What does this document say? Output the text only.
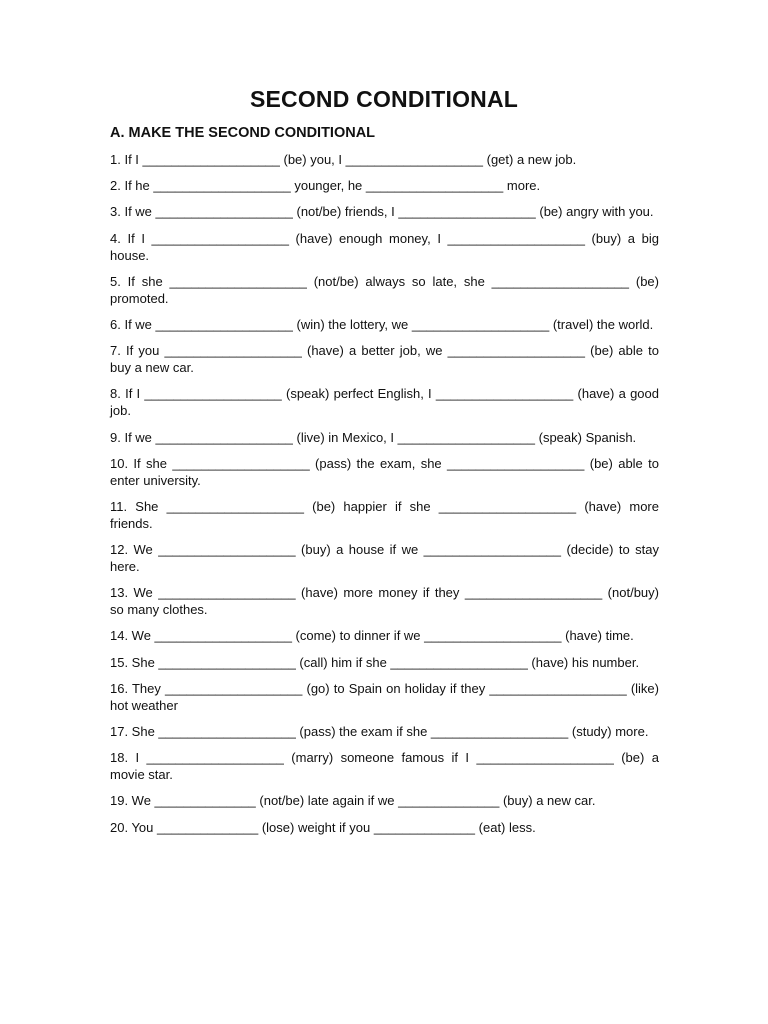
SECOND CONDITIONAL
A. MAKE THE SECOND CONDITIONAL
1. If I ___________________ (be) you, I ___________________ (get) a new job.
2. If he ___________________ younger, he ___________________ more.
3. If we ___________________ (not/be) friends, I ___________________ (be) angry with you.
4. If I ___________________ (have) enough money, I ___________________ (buy) a big house.
5. If she ___________________ (not/be) always so late, she ___________________ (be) promoted.
6. If we ___________________ (win) the lottery, we ___________________ (travel) the world.
7. If you ___________________ (have) a better job, we ___________________ (be) able to buy a new car.
8. If I ___________________ (speak) perfect English, I ___________________ (have) a good job.
9. If we ___________________ (live) in Mexico, I ___________________ (speak) Spanish.
10. If she ___________________ (pass) the exam, she ___________________ (be) able to enter university.
11. She ___________________ (be) happier if she ___________________ (have) more friends.
12. We ___________________ (buy) a house if we ___________________ (decide) to stay here.
13. We ___________________ (have) more money if they ___________________ (not/buy) so many clothes.
14. We ___________________ (come) to dinner if we ___________________ (have) time.
15. She ___________________ (call) him if she ___________________ (have) his number.
16. They ___________________ (go) to Spain on holiday if they ___________________ (like) hot weather
17. She ___________________ (pass) the exam if she ___________________ (study) more.
18. I ___________________ (marry) someone famous if I ___________________ (be) a movie star.
19. We ______________ (not/be) late again if we ______________ (buy) a new car.
20. You ______________ (lose) weight if you ______________ (eat) less.
